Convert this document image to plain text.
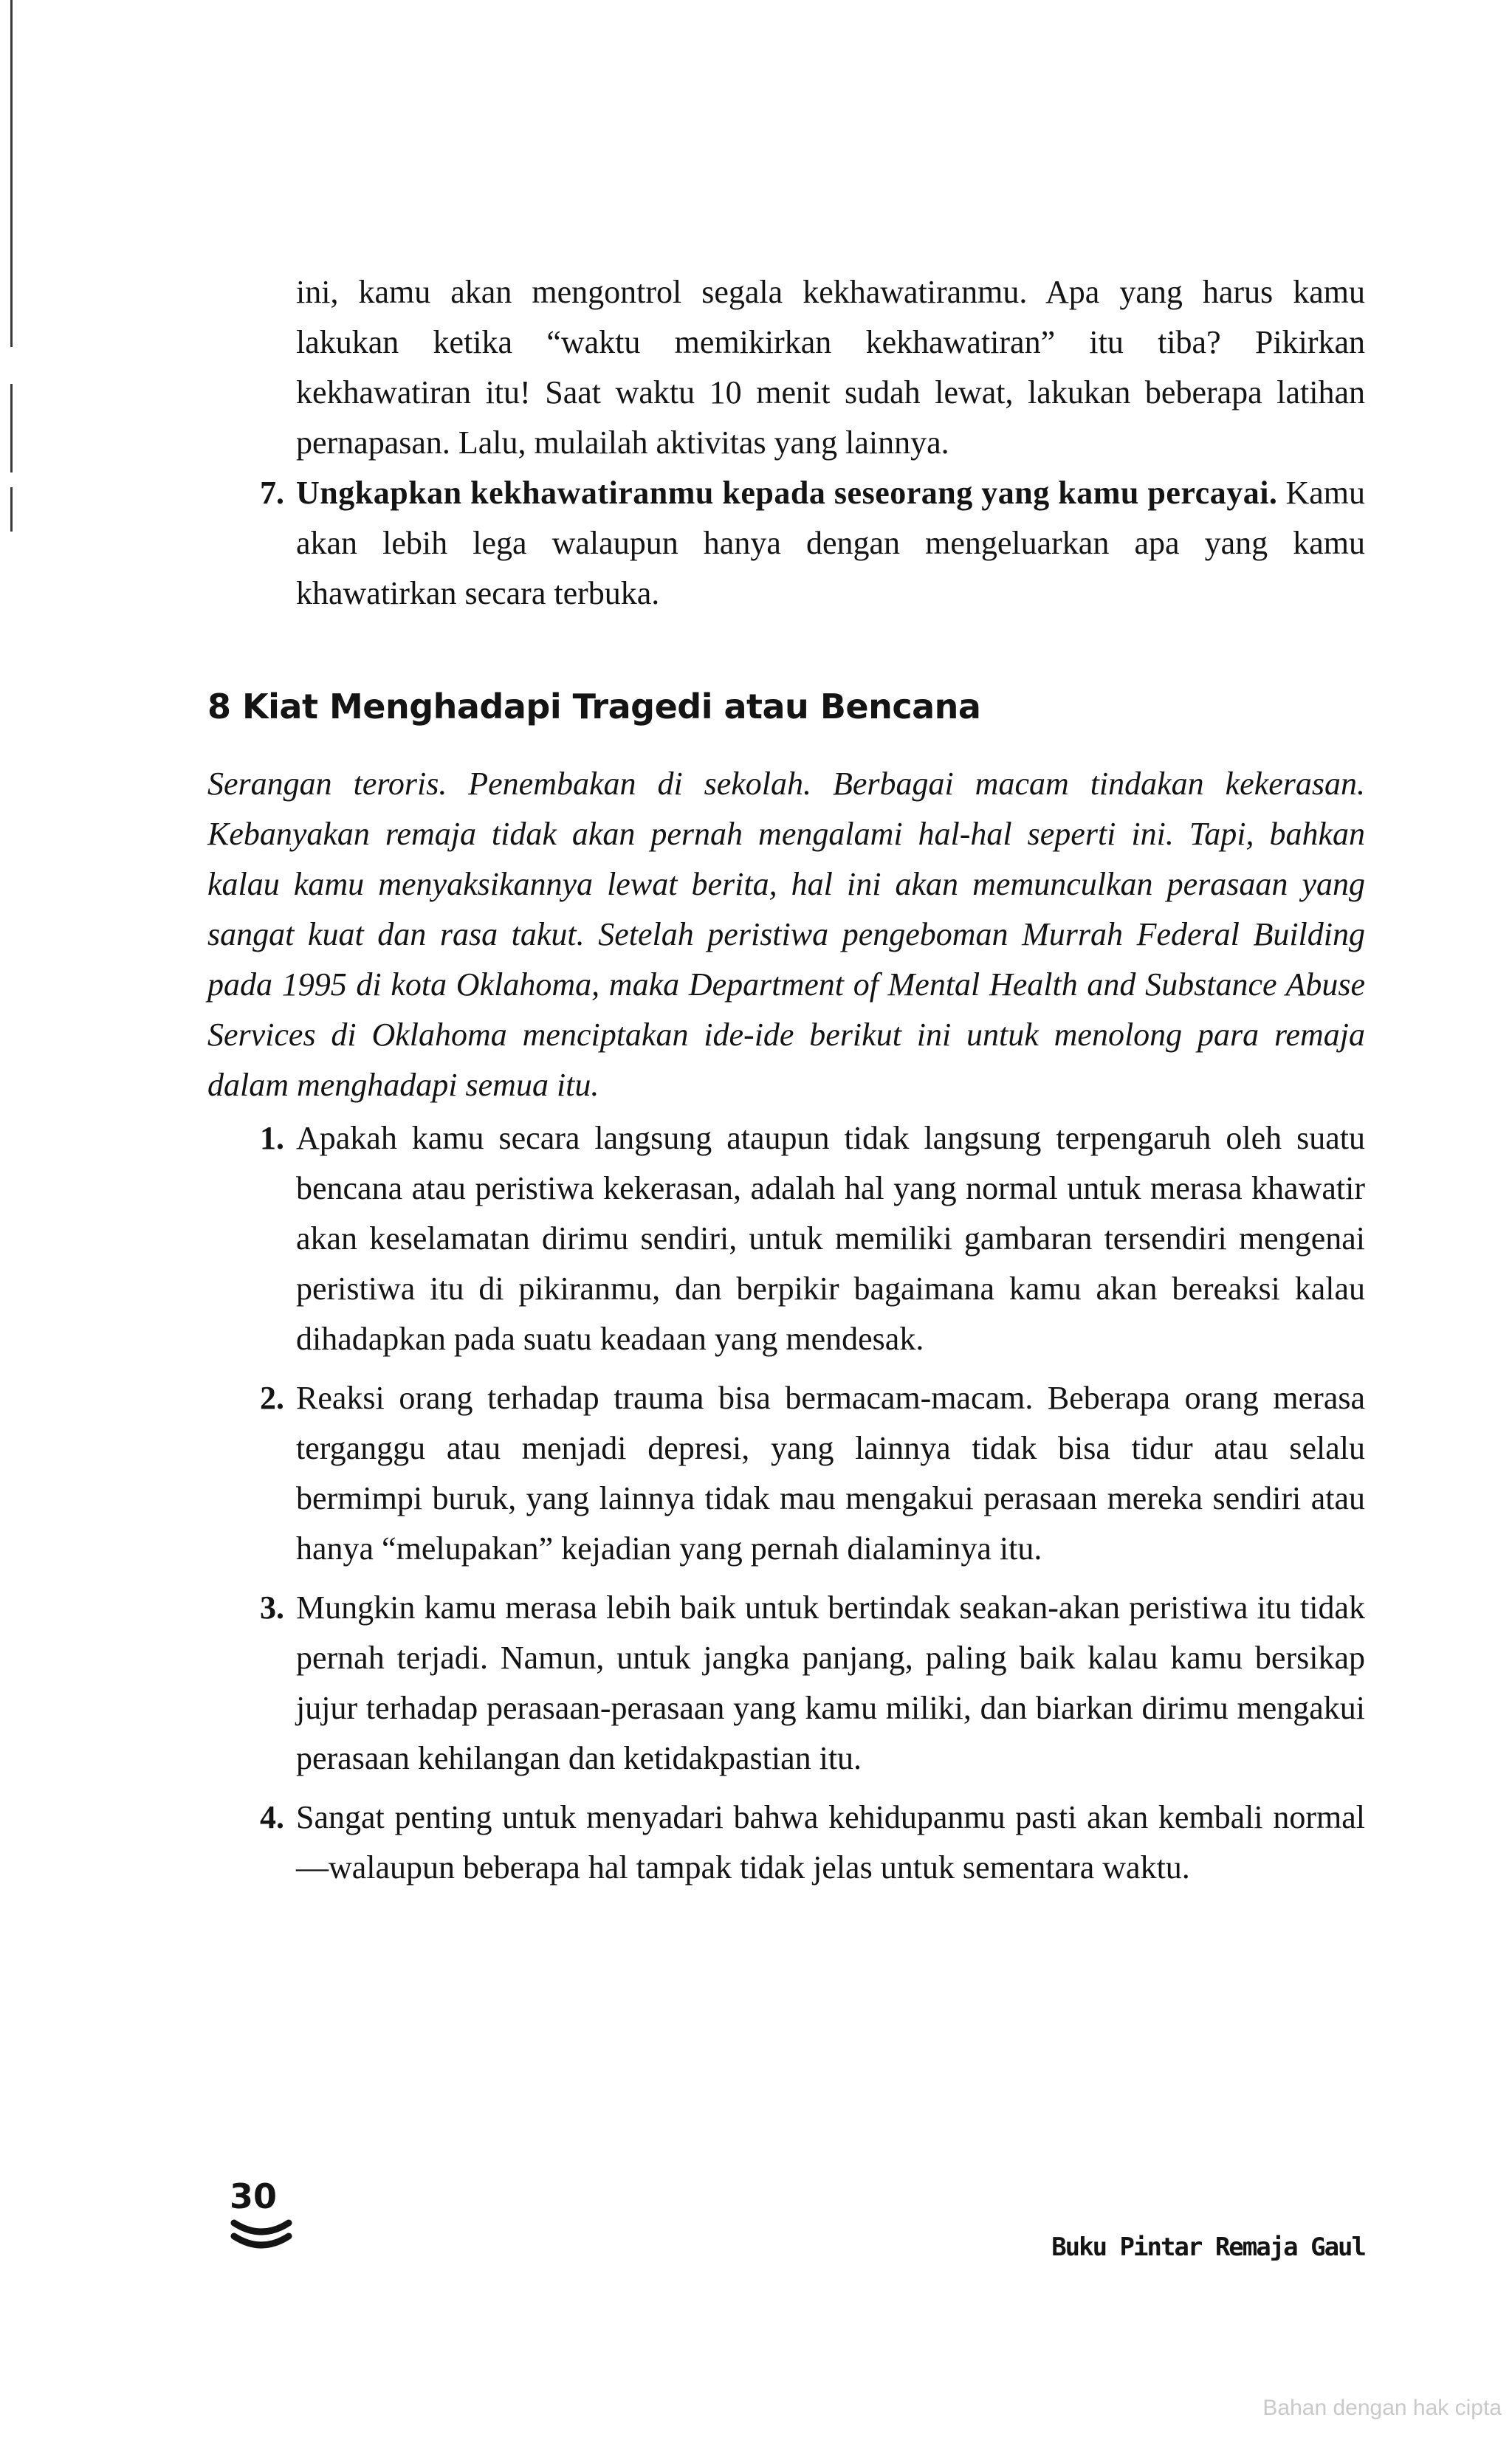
ini, kamu akan mengontrol segala kekhawatiranmu. Apa yang harus kamu lakukan ketika “waktu memikirkan kekhawatiran” itu tiba? Pikirkan kekhawatiran itu! Saat waktu 10 menit sudah lewat, lakukan beberapa latihan pernapasan. Lalu, mulailah aktivitas yang lainnya.

7. Ungkapkan kekhawatiranmu kepada seseorang yang kamu percayai. Kamu akan lebih lega walaupun hanya dengan mengeluarkan apa yang kamu khawatirkan secara terbuka.
8 Kiat Menghadapi Tragedi atau Bencana

Serangan teroris. Penembakan di sekolah. Berbagai macam tindakan kekerasan. Kebanyakan remaja tidak akan pernah mengalami hal-hal seperti ini. Tapi, bahkan kalau kamu menyaksikannya lewat berita, hal ini akan memunculkan perasaan yang sangat kuat dan rasa takut. Setelah peristiwa pengeboman Murrah Federal Building pada 1995 di kota Oklahoma, maka Department of Mental Health and Substance Abuse Services di Oklahoma menciptakan ide-ide berikut ini untuk menolong para remaja dalam menghadapi semua itu.

1. Apakah kamu secara langsung ataupun tidak langsung terpengaruh oleh suatu bencana atau peristiwa kekerasan, adalah hal yang normal untuk merasa khawatir akan keselamatan dirimu sendiri, untuk memiliki gambaran tersendiri mengenai peristiwa itu di pikiranmu, dan berpikir bagaimana kamu akan bereaksi kalau dihadapkan pada suatu keadaan yang mendesak.
2. Reaksi orang terhadap trauma bisa bermacam-macam. Beberapa orang merasa terganggu atau menjadi depresi, yang lainnya tidak bisa tidur atau selalu bermimpi buruk, yang lainnya tidak mau mengakui perasaan mereka sendiri atau hanya “melupakan” kejadian yang pernah dialaminya itu.
3. Mungkin kamu merasa lebih baik untuk bertindak seakan-akan peristiwa itu tidak pernah terjadi. Namun, untuk jangka panjang, paling baik kalau kamu bersikap jujur terhadap perasaan-perasaan yang kamu miliki, dan biarkan dirimu mengakui perasaan kehilangan dan ketidakpastian itu.
4. Sangat penting untuk menyadari bahwa kehidupanmu pasti akan kembali normal—walaupun beberapa hal tampak tidak jelas untuk sementara waktu.
30
Buku Pintar Remaja Gaul
Bahan dengan hak cipta
